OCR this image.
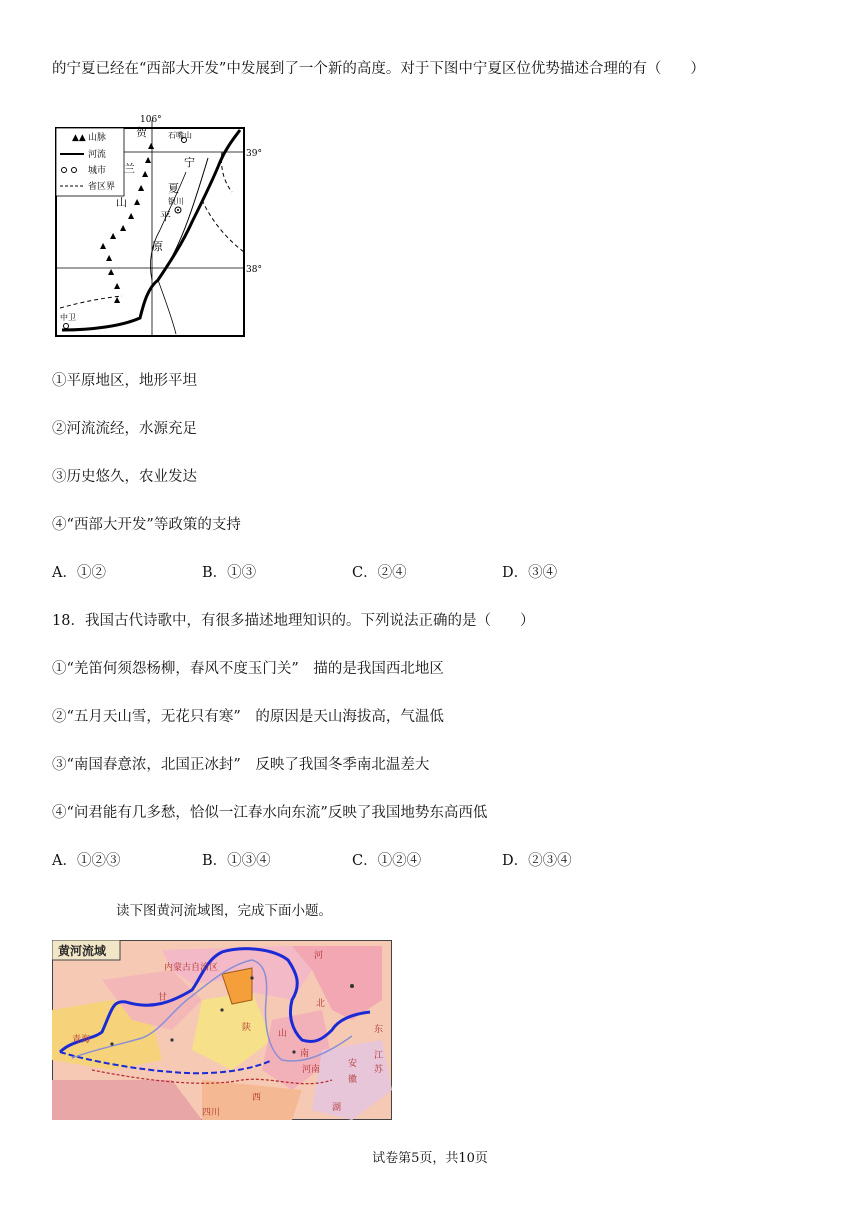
的宁夏已经在“西部大开发”中发展到了一个新的高度。对于下图中宁夏区位优势描述合理的有（　　）
▲▲ 山脉
河流
城市
省区界
106°
39°
38°
▲
▲
▲
▲
▲
▲
▲
▲
▲
▲
▲
▲
▲
贺
兰
山
宁
夏
平
原
石嘴山
银川
中卫
①平原地区，地形平坦
②河流流经，水源充足
③历史悠久，农业发达
④“西部大开发”等政策的支持
A．①②	B．①③	C．②④	D．③④
18．我国古代诗歌中，有很多描述地理知识的。下列说法正确的是（　　）
①“羌笛何须怨杨柳，春风不度玉门关”　描的是我国西北地区
②“五月天山雪，无花只有寒”　的原因是天山海拔高，气温低
③“南国春意浓，北国正冰封”　反映了我国冬季南北温差大
④“问君能有几多愁，恰似一江春水向东流”反映了我国地势东高西低
A．①②③	B．①③④	C．①②④	D．②③④
读下图黄河流域图，完成下面小题。
黄河流域
内蒙古自治区
甘
青海
四川
陕
西
河
北
山	东
江
苏
安
徽
河南
湖
南
试卷第5页，共10页
